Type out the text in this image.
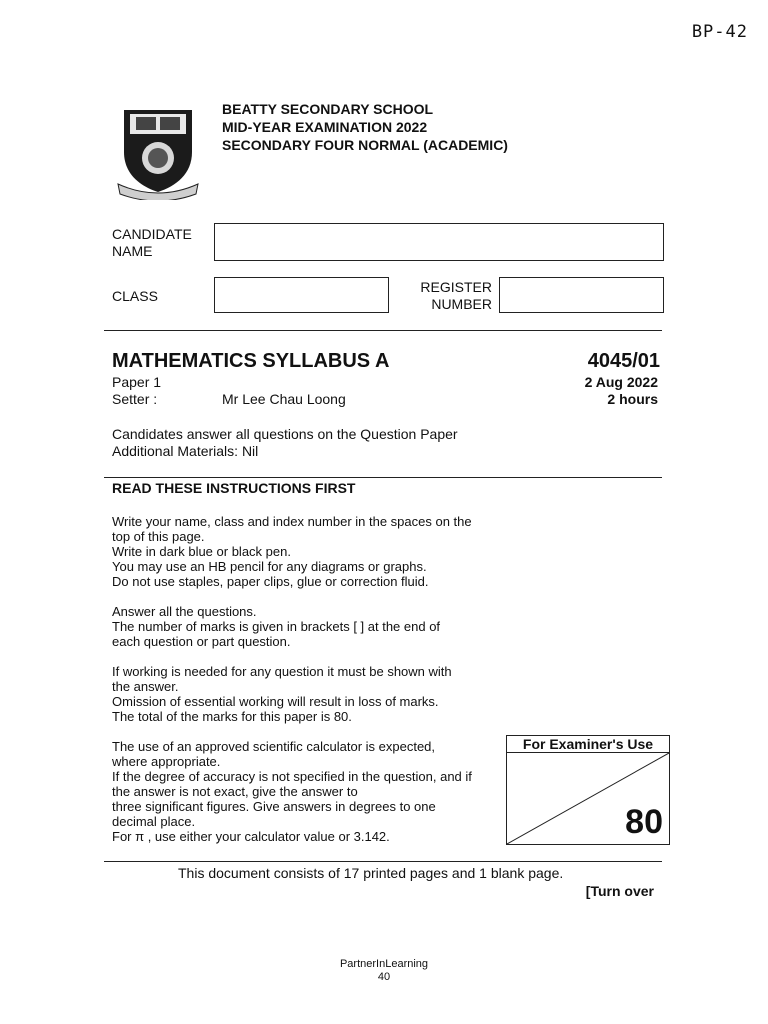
BP-42
BEATTY SECONDARY SCHOOL
MID-YEAR EXAMINATION 2022
SECONDARY FOUR NORMAL (ACADEMIC)
CANDIDATE
NAME
CLASS
REGISTER
NUMBER
MATHEMATICS SYLLABUS A	4045/01
Paper 1	2 Aug 2022
Setter :	Mr Lee Chau Loong	2 hours
Candidates answer all questions on the Question Paper
Additional Materials: Nil
READ THESE INSTRUCTIONS FIRST

Write your name, class and index number in the spaces on the
top of this page.
Write in dark blue or black pen.
You may use an HB pencil for any diagrams or graphs.
Do not use staples, paper clips, glue or correction fluid.

Answer all the questions.
The number of marks is given in brackets [ ] at the end of
each question or part question.

If working is needed for any question it must be shown with
the answer.
Omission of essential working will result in loss of marks.
The total of the marks for this paper is 80.

The use of an approved scientific calculator is expected,
where appropriate.
If the degree of accuracy is not specified in the question, and if
the answer is not exact, give the answer to
three significant figures. Give answers in degrees to one
decimal place.
For π , use either your calculator value or 3.142.

For Examiner's Use
80
This document consists of 17 printed pages and 1 blank page.
[Turn over
PartnerInLearning
40
